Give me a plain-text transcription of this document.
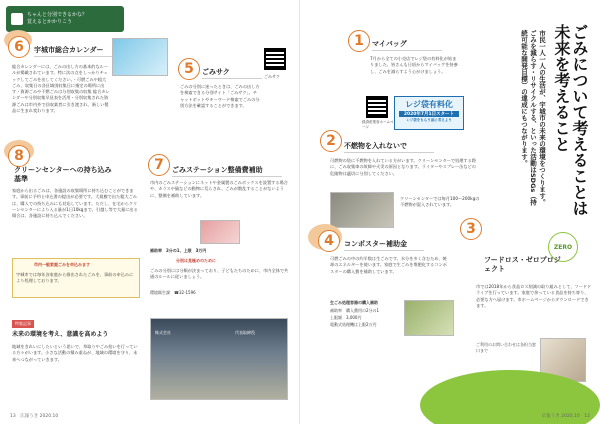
ちゃんと分別できるかな？
覚えるとかかりこう
6	宇城市総合カレンダー
総合カレンダーには、ごみの出し方の基本的なルールが掲載されています。特に次の点をしっかりチェックしてごみを出してください。・可燃ごみや粗大ごみ、収集日の各区域別収集日に指定の場所に出す・資源ごみや不燃ごみは分別収集の収集 総合カレンダーや分別収集早見表を活用・分別収集された資源ごみは市内外で回収業者に引き渡され、新しい製品に生まれ変わります。
5	ごみサク
ごみの分別に迷ったときは、ごみの出し方を検索できる分別サイト「ごみサク」。チャットボットやキーワード検索でごみの分別方法を確認することができます。
ごみサク
8
クリーンセンターへの持ち込み基準
家庭から出るごみは、各施設の収集場所に持ち込むことができます。事前に予約と申込書の提出が必要です。大規模で出た粗大ごみは、購入での持ち込みにも対応しています。ただし、在宅からクリーンセンターにより入る量が1日10kgまで。引越し等で大量に出る場合は、各施設に持ち込んでください。
市内一般家庭ごみを申込みます
宇城市では毎年各家庭から排出されたごみを、事前の申込みにより処理しております。
7	ごみステーション整備費補助
市内のごみステーションにネットや金属製のごみボックスを設置する場合や、カラスや猫などの動物に荒らされ、ごみが散乱することがないように、整備を補助しています。
補助率　2分の1、上限　3万円
分別は見極めのために
ごみの分別には分類が決まっており、子どもたちのために、市内全体で共通のルールに従いましょう。
環境衛生課　☎32-1596
特集記事
未来の環境を考え、意識を高めよう
地域をきれいにしたいという思いで、草取りやごみ拾いを行っている方々がいます。小さな活動の積み重ねが、地域の環境を守り、未来へつながっていきます。
株式会社	代表取締役
13　広報うき 2020.10
ごみについて考えることは
未来を考えること
市民一人一人の生活が、宇城市の未来の環境をつくります。ごみを減らす・リサイクルする、といった活動はSDGs（持続可能な開発目標）の達成にもつながります。
1	マイバッグ
7月から全ての小売店でレジ袋の有料化が始まりました。皆さんも日頃からマイバッグを持参し、ごみを減らすよう心がけましょう。
経済産業省ホームページ
レジ袋有料化
2020年7月1日スタート
レジ袋をもらう前に考えよう
2	不燃物を入れないで
可燃物の袋に不燃物を入れている方がいます。クリーンセンターで処理する際に、ごみ収集車の故障や火災の原因となります。ライターやスプレー缶などの危険物は適切に分別してください。
クリーンセンターでは毎月100〜200kgの不燃物が混入されています。
4	コンポスター補助金
可燃ごみの中の約半数は生ごみです。水分を多く含むため、焼却のエネルギーを使います。家庭で生ごみを堆肥化するコンポスターの購入費を補助しています。
生ごみ処理容器の購入補助
補助率　購入費用の2分の1
上限額　3,000円
電動式処理機は上限2万円
3
ZERO
フードロス・ゼロプロジェクト
市では2018年から食品ロス削減の取り組みとして、フードドライブを行っています。家庭で余っている食品を持ち寄り、必要な方へ届けます。市ホームページからダウンロードできます。
ご利用のお問い合わせは各担当窓口まで
広報うき 2020.10　12
